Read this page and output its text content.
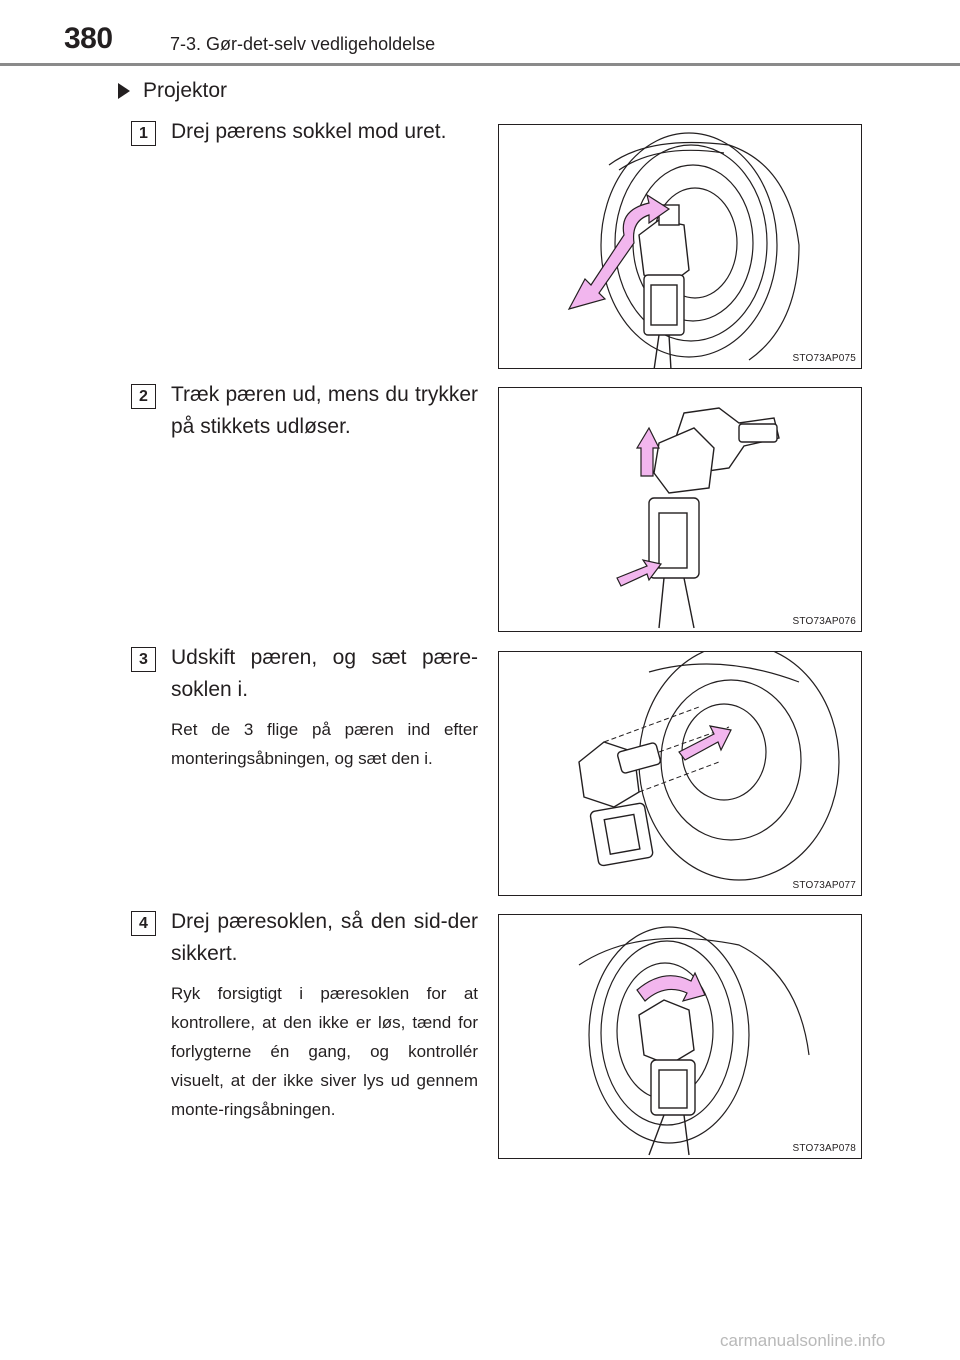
380	7-3. Gør-det-selv vedligeholdelse
Projektor
1	Drej pærens sokkel mod uret.
STO73AP075
2	Træk pæren ud, mens du trykker på stikkets udløser.
STO73AP076
3	Udskift pæren, og sæt pære-soklen i.
Ret de 3 flige på pæren ind efter monteringsåbningen, og sæt den i.
STO73AP077
4	Drej pæresoklen, så den sid-der sikkert.
Ryk forsigtigt i pæresoklen for at kontrollere, at den ikke er løs, tænd for forlygterne én gang, og kontrollér visuelt, at der ikke siver lys ud gennem monte-ringsåbningen.
STO73AP078
carmanualsonline.info
